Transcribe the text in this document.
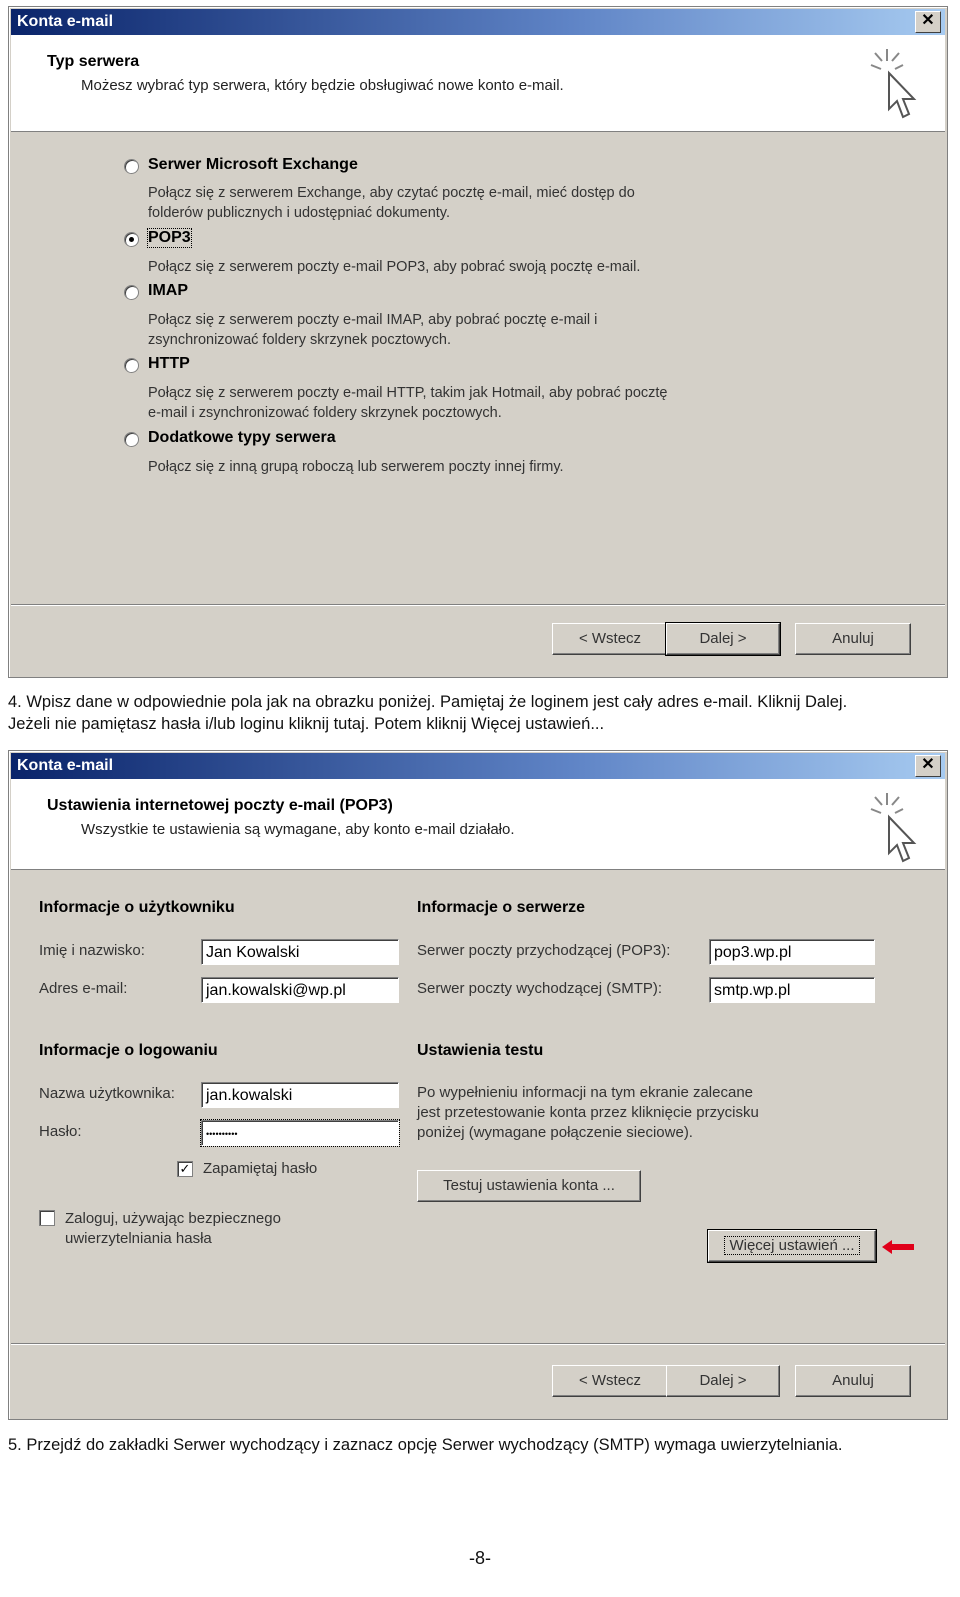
Konta e-mail	✕
Typ serwera
Możesz wybrać typ serwera, który będzie obsługiwać nowe konto e-mail.
Serwer Microsoft Exchange
Połącz się z serwerem Exchange, aby czytać pocztę e-mail, mieć dostęp do
folderów publicznych i udostępniać dokumenty.
POP3
Połącz się z serwerem poczty e-mail POP3, aby pobrać swoją pocztę e-mail.
IMAP
Połącz się z serwerem poczty e-mail IMAP, aby pobrać pocztę e-mail i
zsynchronizować foldery skrzynek pocztowych.
HTTP
Połącz się z serwerem poczty e-mail HTTP, takim jak Hotmail, aby pobrać pocztę
e-mail i zsynchronizować foldery skrzynek pocztowych.
Dodatkowe typy serwera
Połącz się z inną grupą roboczą lub serwerem poczty innej firmy.
< Wstecz	Dalej >	Anuluj
4. Wpisz dane w odpowiednie pola jak na obrazku poniżej. Pamiętaj że loginem jest cały adres e-mail. Kliknij Dalej.
Jeżeli nie pamiętasz hasła i/lub loginu kliknij tutaj. Potem kliknij Więcej ustawień...
Konta e-mail	✕
Ustawienia internetowej poczty e-mail (POP3)
Wszystkie te ustawienia są wymagane, aby konto e-mail działało.
Informacje o użytkowniku
Imię i nazwisko:	Jan Kowalski
Adres e-mail:	jan.kowalski@wp.pl
Informacje o serwerze
Serwer poczty przychodzącej (POP3):	pop3.wp.pl
Serwer poczty wychodzącej (SMTP):	smtp.wp.pl
Informacje o logowaniu
Nazwa użytkownika:	jan.kowalski
Hasło:	••••••••••
✓ Zapamiętaj hasło
Zaloguj, używając bezpiecznego
uwierzytelniania hasła
Ustawienia testu
Po wypełnieniu informacji na tym ekranie zalecane
jest przetestowanie konta przez kliknięcie przycisku
poniżej (wymagane połączenie sieciowe).
Testuj ustawienia konta ...
Więcej ustawień ...
< Wstecz	Dalej >	Anuluj
5. Przejdź do zakładki Serwer wychodzący i zaznacz opcję Serwer wychodzący (SMTP) wymaga uwierzytelniania.
-8-
